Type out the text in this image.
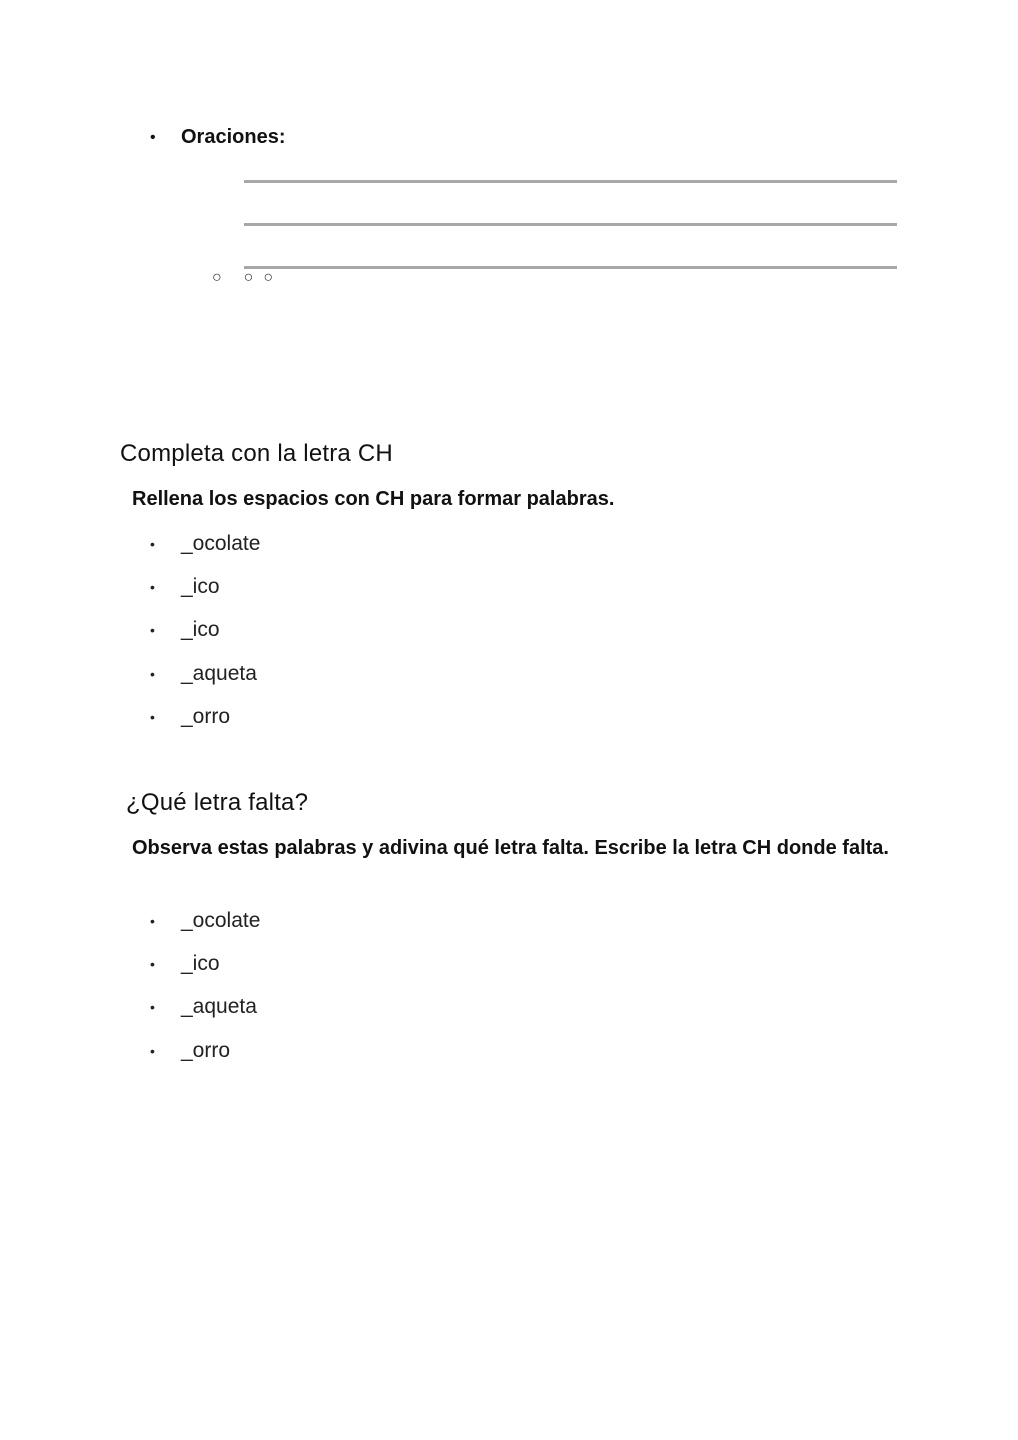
•	Oraciones:
○ ○ ○
Completa con la letra CH

Rellena los espacios con CH para formar palabras.

•	_ocolate
•	_ico
•	_ico
•	_aqueta
•	_orro
¿Qué letra falta?

Observa estas palabras y adivina qué letra falta. Escribe la letra CH donde falta.

•	_ocolate
•	_ico
•	_aqueta
•	_orro
